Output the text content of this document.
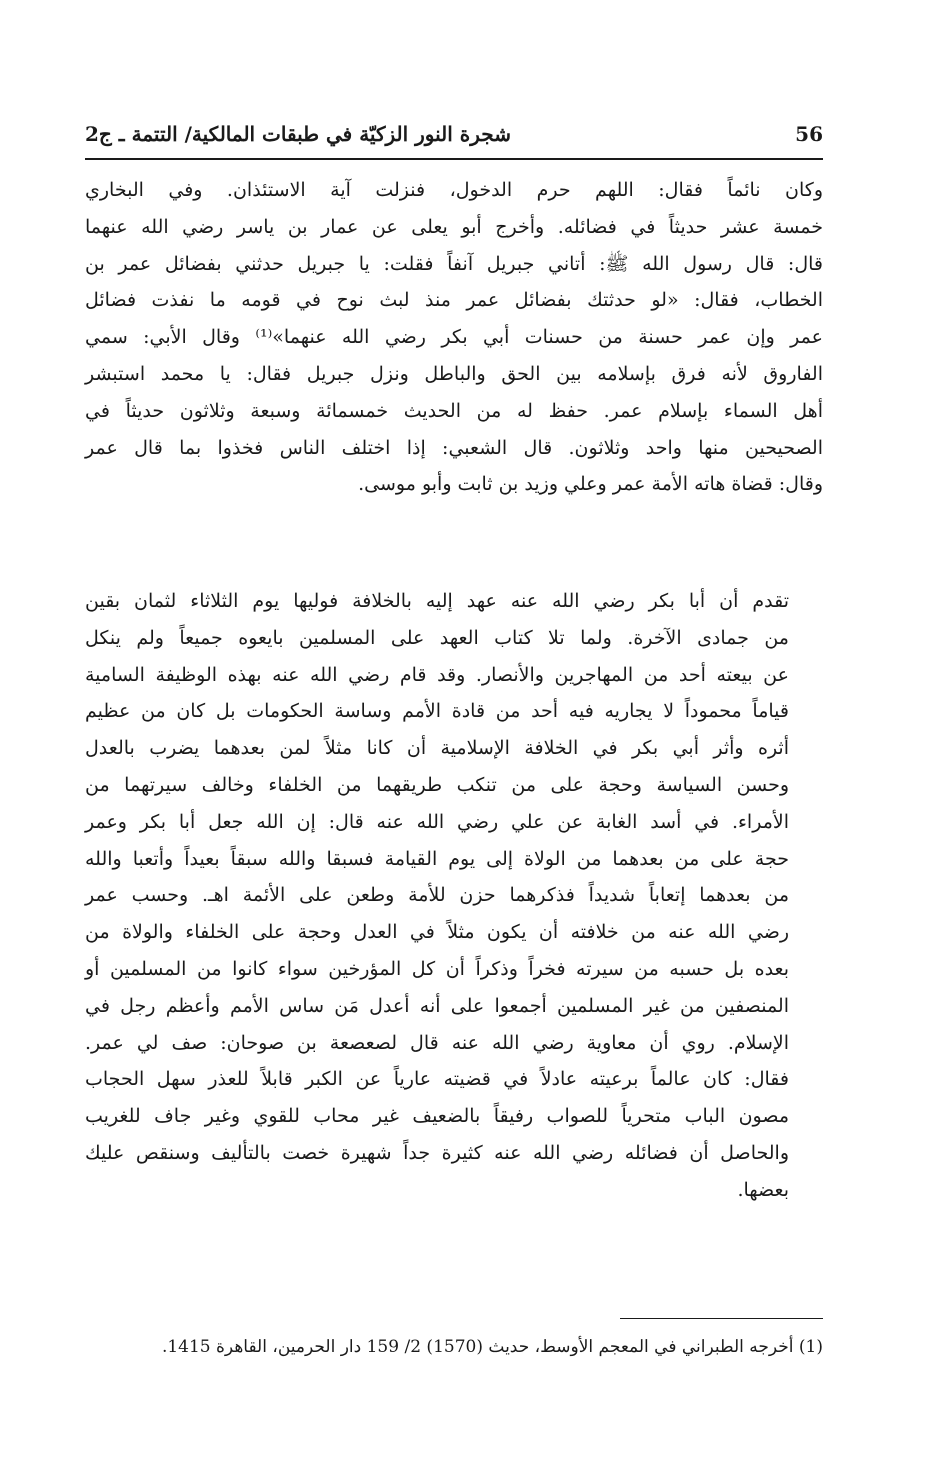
شجرة النور الزكيّة في طبقات المالكية/ التتمة ـ ج2	56
وكان نائماً فقال: اللهم حرم الدخول، فنزلت آية الاستئذان. وفي البخاري
خمسة عشر حديثاً في فضائله. وأخرج أبو يعلى عن عمار بن ياسر رضي الله عنهما
قال: قال رسول الله ﷺ: أتاني جبريل آنفاً فقلت: يا جبريل حدثني بفضائل عمر بن
الخطاب، فقال: «لو حدثتك بفضائل عمر منذ لبث نوح في قومه ما نفذت فضائل
عمر وإن عمر حسنة من حسنات أبي بكر رضي الله عنهما»⁽¹⁾ وقال الأبي: سمي
الفاروق لأنه فرق بإسلامه بين الحق والباطل ونزل جبريل فقال: يا محمد استبشر
أهل السماء بإسلام عمر. حفظ له من الحديث خمسمائة وسبعة وثلاثون حديثاً في
الصحيحين منها واحد وثلاثون. قال الشعبي: إذا اختلف الناس فخذوا بما قال عمر
وقال: قضاة هاته الأمة عمر وعلي وزيد بن ثابت وأبو موسى.
تقدم أن أبا بكر رضي الله عنه عهد إليه بالخلافة فوليها يوم الثلاثاء لثمان بقين
من جمادى الآخرة. ولما تلا كتاب العهد على المسلمين بايعوه جميعاً ولم ينكل
عن بيعته أحد من المهاجرين والأنصار. وقد قام رضي الله عنه بهذه الوظيفة السامية
قياماً محموداً لا يجاريه فيه أحد من قادة الأمم وساسة الحكومات بل كان من عظيم
أثره وأثر أبي بكر في الخلافة الإسلامية أن كانا مثلاً لمن بعدهما يضرب بالعدل
وحسن السياسة وحجة على من تنكب طريقهما من الخلفاء وخالف سيرتهما من
الأمراء. في أسد الغابة عن علي رضي الله عنه قال: إن الله جعل أبا بكر وعمر
حجة على من بعدهما من الولاة إلى يوم القيامة فسبقا والله سبقاً بعيداً وأتعبا والله
من بعدهما إتعاباً شديداً فذكرهما حزن للأمة وطعن على الأئمة اهـ. وحسب عمر
رضي الله عنه من خلافته أن يكون مثلاً في العدل وحجة على الخلفاء والولاة من
بعده بل حسبه من سيرته فخراً وذكراً أن كل المؤرخين سواء كانوا من المسلمين أو
المنصفين من غير المسلمين أجمعوا على أنه أعدل مَن ساس الأمم وأعظم رجل في
الإسلام. روي أن معاوية رضي الله عنه قال لصعصعة بن صوحان: صف لي عمر.
فقال: كان عالماً برعيته عادلاً في قضيته عارياً عن الكبر قابلاً للعذر سهل الحجاب
مصون الباب متحرياً للصواب رفيقاً بالضعيف غير محاب للقوي وغير جاف للغريب
والحاصل أن فضائله رضي الله عنه كثيرة جداً شهيرة خصت بالتأليف وسنقص عليك
بعضها.
(1) أخرجه الطبراني في المعجم الأوسط، حديث (1570) 2/ 159 دار الحرمين، القاهرة 1415.
